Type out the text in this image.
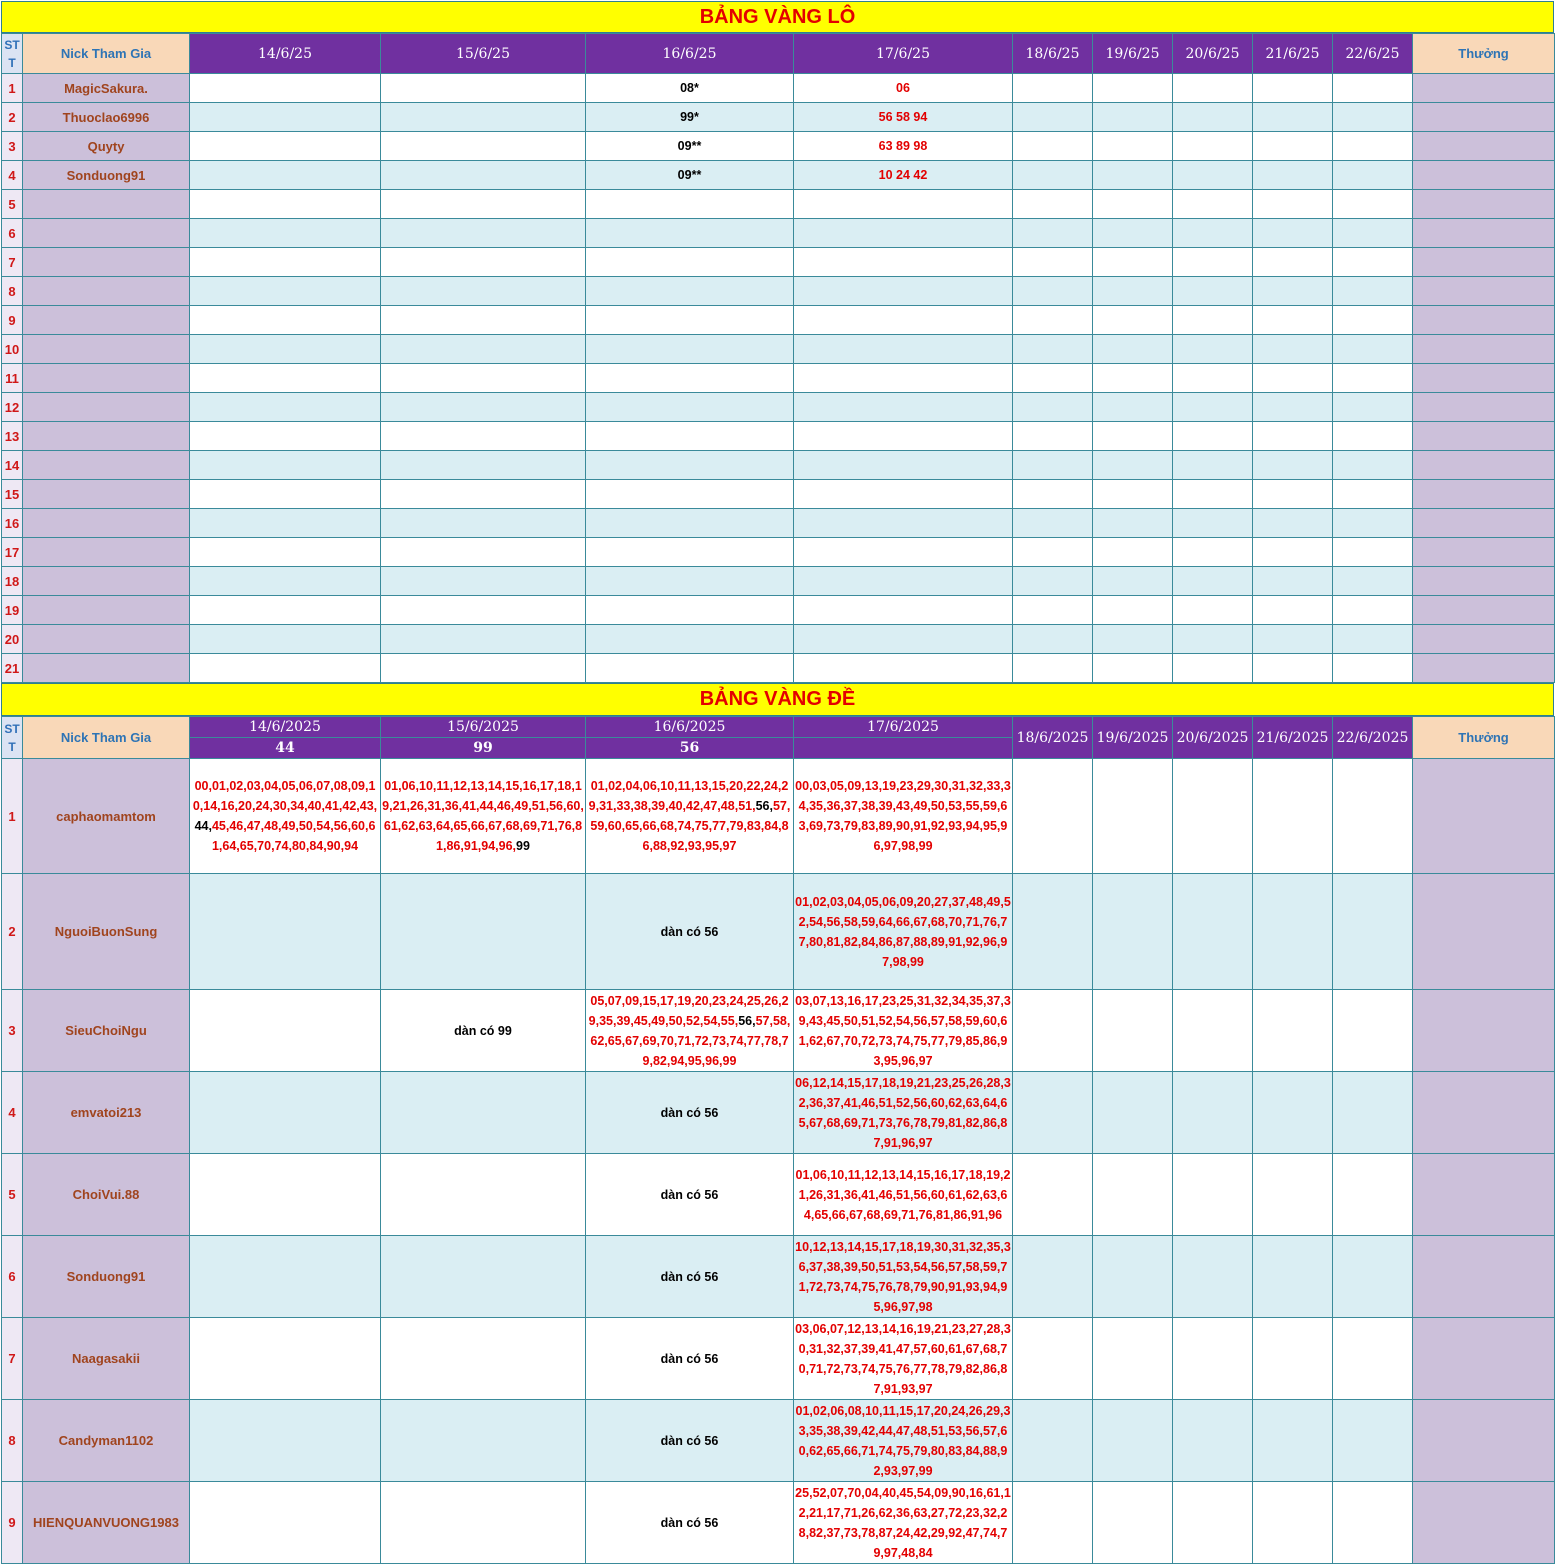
BẢNG VÀNG LÔ
ST T	Nick Tham Gia	14/6/25	15/6/25	16/6/25	17/6/25	18/6/25	19/6/25	20/6/25	21/6/25	22/6/25	Thưởng
1	MagicSakura.			08*	06						
2	Thuoclao6996			99*	56 58 94						
3	Quyty			09**	63 89 98						
4	Sonduong91			09**	10 24 42						
5											
6											
7											
8											
9											
10											
11											
12											
13											
14											
15											
16											
17											
18											
19											
20											
21											
BẢNG VÀNG ĐỀ
ST T	Nick Tham Gia	14/6/2025	15/6/2025	16/6/2025	17/6/2025	18/6/2025	19/6/2025	20/6/2025	21/6/2025	22/6/2025	Thưởng
		44	99	56							
1	caphaomamtom	00,01,02,03,04,05,06,07,08,09,10,14,16,20,24,30,34,40,41,42,43,44,45,46,47,48,49,50,54,56,60,61,64,65,70,74,80,84,90,94	01,06,10,11,12,13,14,15,16,17,18,19,21,26,31,36,41,44,46,49,51,56,60,61,62,63,64,65,66,67,68,69,71,76,81,86,91,94,96,99	01,02,04,06,10,11,13,15,20,22,24,29,31,33,38,39,40,42,47,48,51,56,57,59,60,65,66,68,74,75,77,79,83,84,86,88,92,93,95,97	00,03,05,09,13,19,23,29,30,31,32,33,34,35,36,37,38,39,43,49,50,53,55,59,63,69,73,79,83,89,90,91,92,93,94,95,96,97,98,99						
2	NguoiBuonSung			dàn có 56	01,02,03,04,05,06,09,20,27,37,48,49,52,54,56,58,59,64,66,67,68,70,71,76,77,80,81,82,84,86,87,88,89,91,92,96,97,98,99						
3	SieuChoiNgu		dàn có 99	05,07,09,15,17,19,20,23,24,25,26,29,35,39,45,49,50,52,54,55,56,57,58,62,65,67,69,70,71,72,73,74,77,78,79,82,94,95,96,99	03,07,13,16,17,23,25,31,32,34,35,37,39,43,45,50,51,52,54,56,57,58,59,60,61,62,67,70,72,73,74,75,77,79,85,86,93,95,96,97						
4	emvatoi213			dàn có 56	06,12,14,15,17,18,19,21,23,25,26,28,32,36,37,41,46,51,52,56,60,62,63,64,65,67,68,69,71,73,76,78,79,81,82,86,87,91,96,97						
5	ChoiVui.88			dàn có 56	01,06,10,11,12,13,14,15,16,17,18,19,21,26,31,36,41,46,51,56,60,61,62,63,64,65,66,67,68,69,71,76,81,86,91,96						
6	Sonduong91			dàn có 56	10,12,13,14,15,17,18,19,30,31,32,35,36,37,38,39,50,51,53,54,56,57,58,59,71,72,73,74,75,76,78,79,90,91,93,94,95,96,97,98						
7	Naagasakii			dàn có 56	03,06,07,12,13,14,16,19,21,23,27,28,30,31,32,37,39,41,47,57,60,61,67,68,70,71,72,73,74,75,76,77,78,79,82,86,87,91,93,97						
8	Candyman1102			dàn có 56	01,02,06,08,10,11,15,17,20,24,26,29,33,35,38,39,42,44,47,48,51,53,56,57,60,62,65,66,71,74,75,79,80,83,84,88,92,93,97,99						
9	HIENQUANVUONG1983			dàn có 56	25,52,07,70,04,40,45,54,09,90,16,61,12,21,17,71,26,62,36,63,27,72,23,32,28,82,37,73,78,87,24,42,29,92,47,74,79,97,48,84						
